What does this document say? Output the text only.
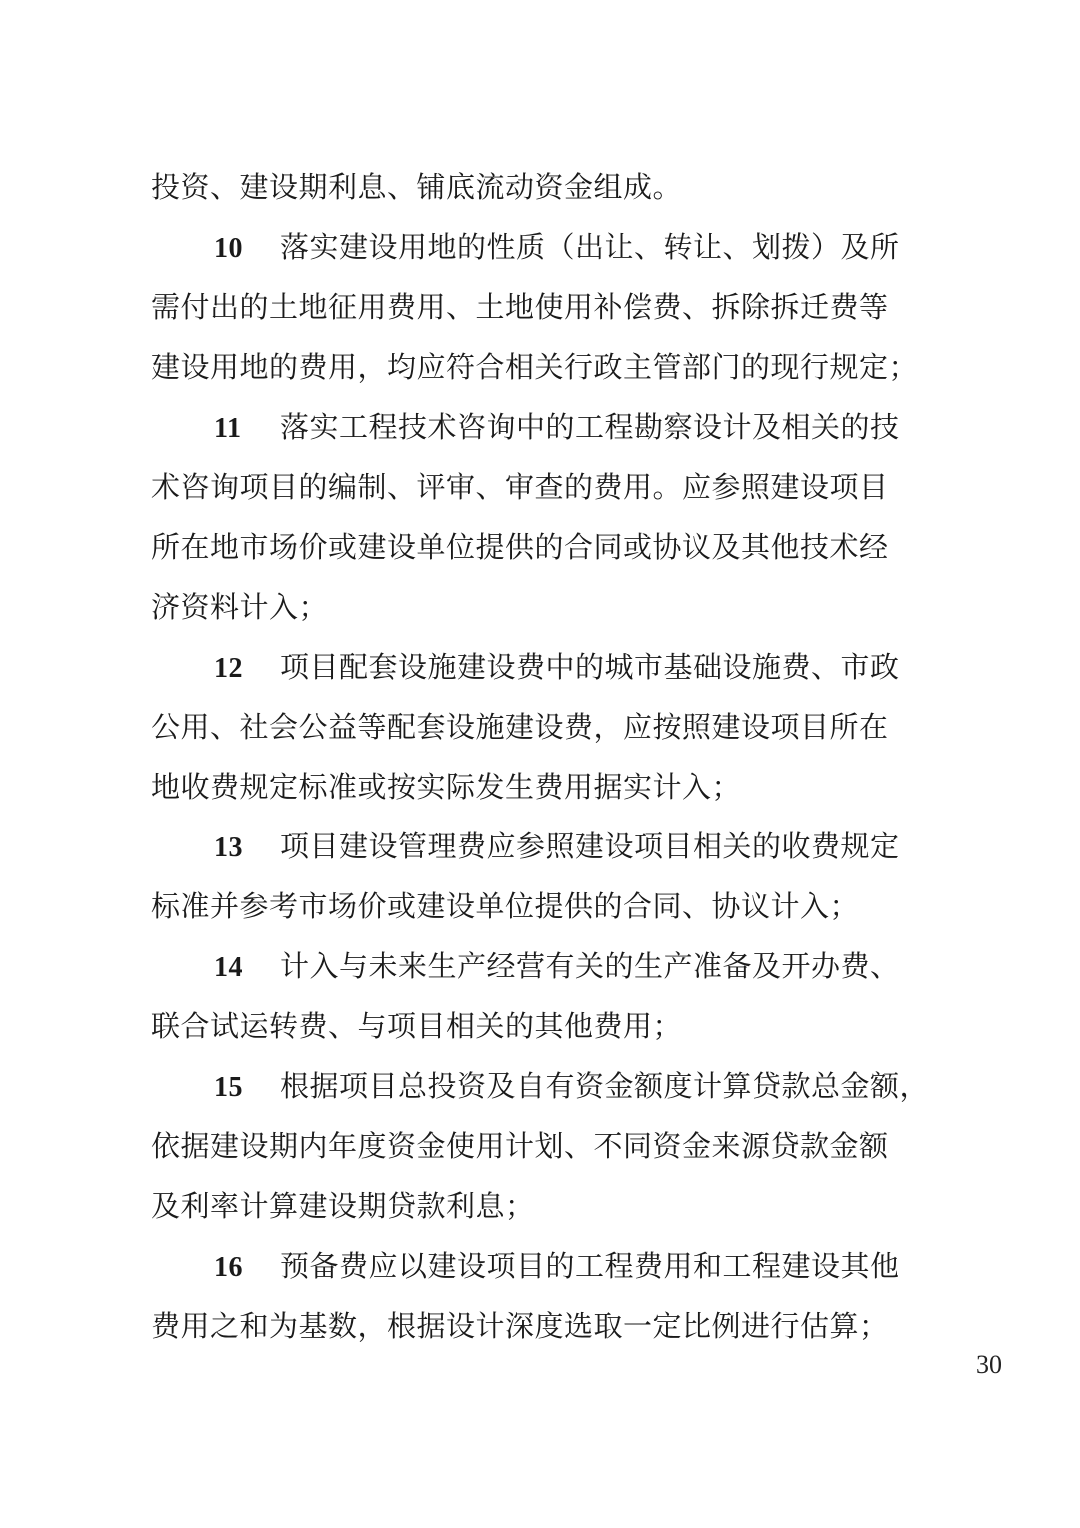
投资、建设期利息、铺底流动资金组成。
10 落实建设用地的性质（出让、转让、划拨）及所
需付出的土地征用费用、土地使用补偿费、拆除拆迁费等
建设用地的费用，均应符合相关行政主管部门的现行规定；
11 落实工程技术咨询中的工程勘察设计及相关的技
术咨询项目的编制、评审、审查的费用。应参照建设项目
所在地市场价或建设单位提供的合同或协议及其他技术经
济资料计入；
12 项目配套设施建设费中的城市基础设施费、市政
公用、社会公益等配套设施建设费，应按照建设项目所在
地收费规定标准或按实际发生费用据实计入；
13 项目建设管理费应参照建设项目相关的收费规定
标准并参考市场价或建设单位提供的合同、协议计入；
14 计入与未来生产经营有关的生产准备及开办费、
联合试运转费、与项目相关的其他费用；
15 根据项目总投资及自有资金额度计算贷款总金额，
依据建设期内年度资金使用计划、不同资金来源贷款金额
及利率计算建设期贷款利息；
16 预备费应以建设项目的工程费用和工程建设其他
费用之和为基数，根据设计深度选取一定比例进行估算；
30
